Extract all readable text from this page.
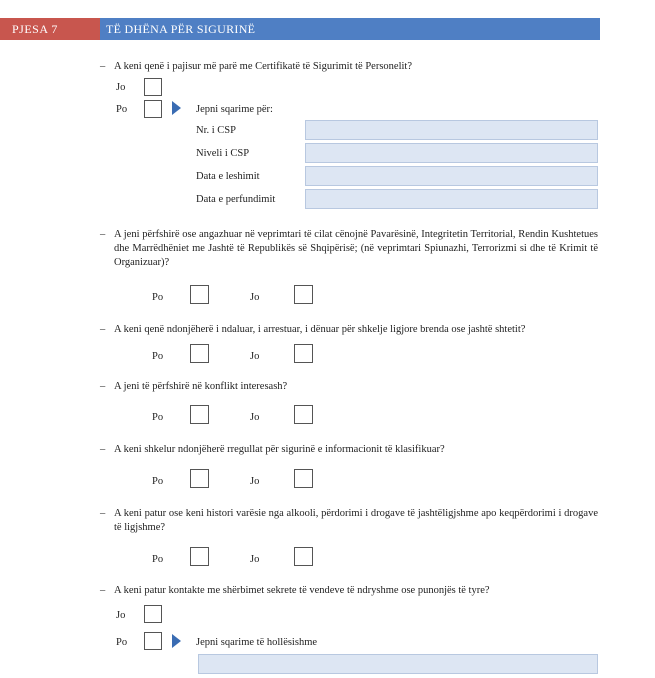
PJESA 7	TË DHËNA PËR SIGURINË
– A keni qenë i pajisur më parë me Certifikatë të Sigurimit të Personelit?
Jo
Po	Jepni sqarime për:
Nr. i CSP
Niveli i CSP
Data e leshimit
Data e perfundimit
– A jeni përfshirë ose angazhuar në veprimtari të cilat cënojnë Pavarësinë, Integritetin Territorial, Rendin Kushtetues dhe Marrëdhëniet me Jashtë të Republikës së Shqipërisë; (në veprimtari Spiunazhi, Terrorizmi si dhe të Krimit të Organizuar)?
Po	Jo
– A keni qenë ndonjëherë i ndaluar, i arrestuar, i dënuar për shkelje ligjore brenda ose jashtë shtetit?
Po	Jo
– A jeni të përfshirë në konflikt interesash?
Po	Jo
– A keni shkelur ndonjëherë rregullat për sigurinë e informacionit të klasifikuar?
Po	Jo
– A keni patur ose keni histori varësie nga alkooli, përdorimi i drogave të jashtëligjshme apo keqpërdorimi i drogave të ligjshme?
Po	Jo
– A keni patur kontakte me shërbimet sekrete të vendeve të ndryshme ose punonjës të tyre?
Jo
Po	Jepni sqarime të hollësishme
